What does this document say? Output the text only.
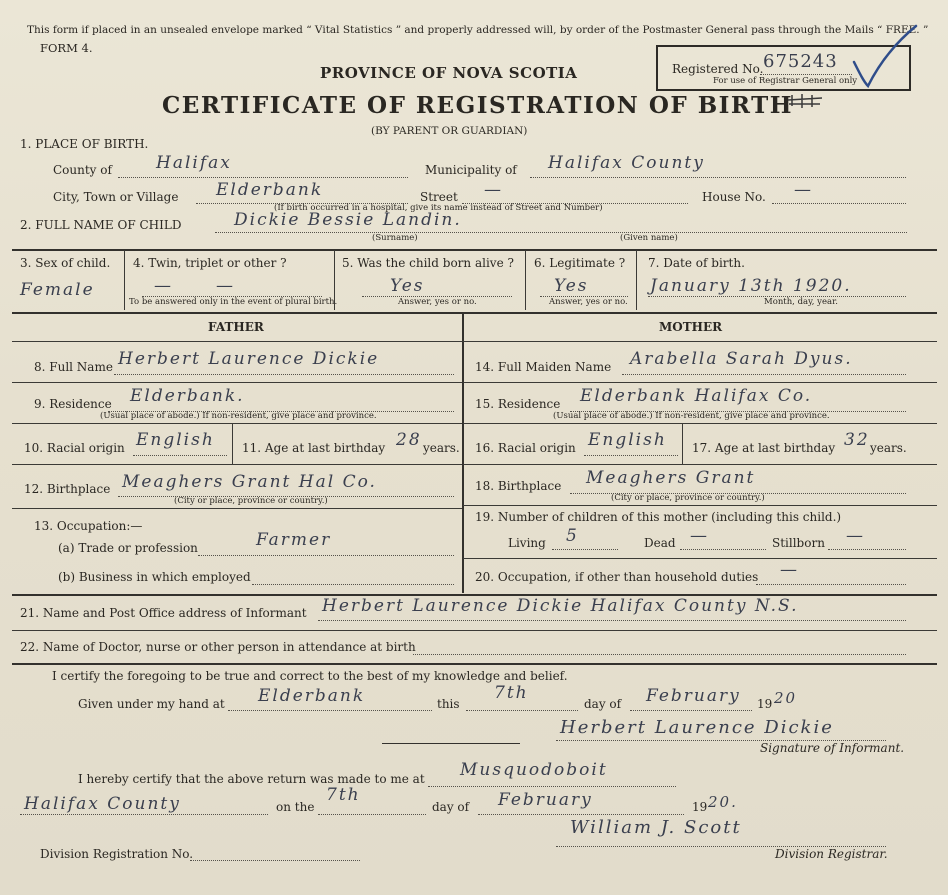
This form if placed in an unsealed envelope marked “ Vital Statistics ” and properly addressed will, by order of the Postmaster General pass through the Mails “ FREE. ”
FORM 4.
PROVINCE OF NOVA SCOTIA
CERTIFICATE OF REGISTRATION OF BIRTH
(BY PARENT OR GUARDIAN)
Registered No. 675243
For use of Registrar General only
1. PLACE OF BIRTH.
County of	Halifax	Municipality of Halifax County
City, Town or Village Elderbank	Street —	House No. —
(If birth occurred in a hospital, give its name instead of Street and Number)
2. FULL NAME OF CHILD	Dickie Bessie Landin.
(Surname)	(Given name)
3. Sex of child.
Female
4. Twin, triplet or other ?
—	—
To be answered only in the event of plural birth.
5. Was the child born alive ?
Yes
Answer, yes or no.
6. Legitimate ?
Yes
Answer, yes or no.
7. Date of birth.
January 13th 1920.
Month, day, year.
FATHER	MOTHER
8. Full Name Herbert Laurence Dickie
9. Residence Elderbank.
(Usual place of abode.) If non-resident, give place and province.
10. Racial origin English 11. Age at last birthday 28 years.
12. Birthplace Meaghers Grant Hal Co.
(City or place, province or country.)
13. Occupation:—
(a) Trade or profession	Farmer
(b) Business in which employed
14. Full Maiden Name Arabella Sarah Dyus.
15. Residence Elderbank Halifax Co.
(Usual place of abode.) If non-resident, give place and province.
16. Racial origin English 17. Age at last birthday 32 years.
18. Birthplace Meaghers Grant
(City or place, province or country.)
19. Number of children of this mother (including this child.)
Living 5	Dead —	Stillborn —
20. Occupation, if other than household duties —
21. Name and Post Office address of Informant Herbert Laurence Dickie Halifax County N.S.
22. Name of Doctor, nurse or other person in attendance at birth
I certify the foregoing to be true and correct to the best of my knowledge and belief.
Given under my hand at Elderbank	this
7th
day of February 19 20
Herbert Laurence Dickie
Signature of Informant.
I hereby certify that the above return was made to me at Musquodoboit
Halifax County	on the
7th
day of February	19 20.
William J. Scott
Division Registrar.
Division Registration No.
